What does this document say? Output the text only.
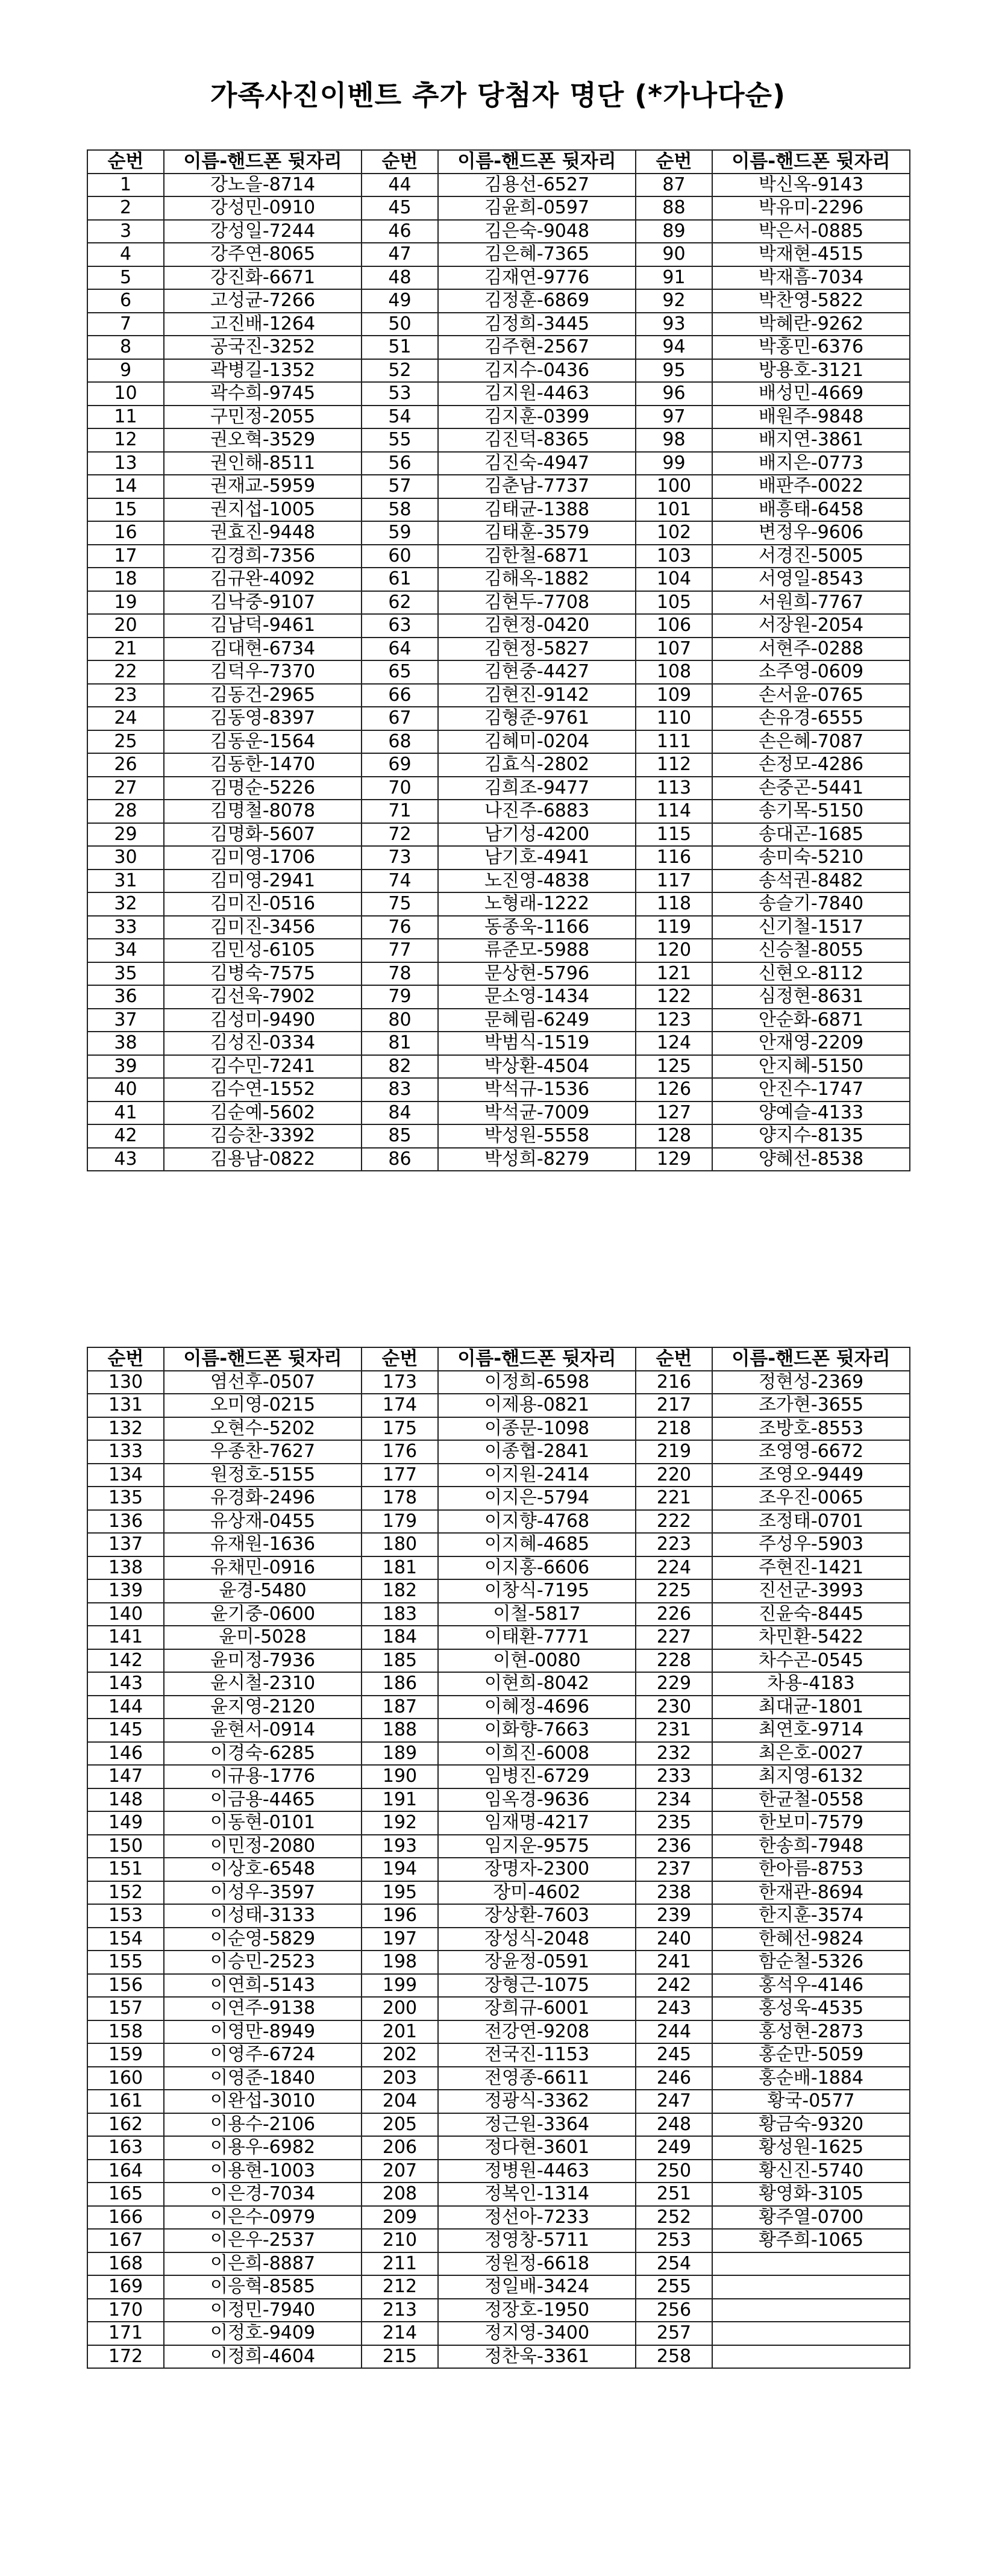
가족사진이벤트 추가 당첨자 명단 (*가나다순)
순번	이름-핸드폰 뒷자리	순번	이름-핸드폰 뒷자리	순번	이름-핸드폰 뒷자리
1	강노을-8714	44	김용선-6527	87	박신옥-9143
2	강성민-0910	45	김윤희-0597	88	박유미-2296
3	강성일-7244	46	김은숙-9048	89	박은서-0885
4	강주연-8065	47	김은혜-7365	90	박재현-4515
5	강진화-6671	48	김재연-9776	91	박재흠-7034
6	고성균-7266	49	김정훈-6869	92	박찬영-5822
7	고진배-1264	50	김정희-3445	93	박혜란-9262
8	공국진-3252	51	김주현-2567	94	박홍민-6376
9	곽병길-1352	52	김지수-0436	95	방용호-3121
10	곽수희-9745	53	김지원-4463	96	배성민-4669
11	구민정-2055	54	김지훈-0399	97	배원주-9848
12	권오혁-3529	55	김진덕-8365	98	배지연-3861
13	권인해-8511	56	김진숙-4947	99	배지은-0773
14	권재교-5959	57	김춘남-7737	100	배판주-0022
15	권지섭-1005	58	김태균-1388	101	배흥태-6458
16	권효진-9448	59	김태훈-3579	102	변정우-9606
17	김경희-7356	60	김한철-6871	103	서경진-5005
18	김규완-4092	61	김해옥-1882	104	서영일-8543
19	김낙중-9107	62	김현두-7708	105	서원희-7767
20	김남덕-9461	63	김현정-0420	106	서장원-2054
21	김대현-6734	64	김현정-5827	107	서현주-0288
22	김덕우-7370	65	김현중-4427	108	소주영-0609
23	김동건-2965	66	김현진-9142	109	손서윤-0765
24	김동영-8397	67	김형준-9761	110	손유경-6555
25	김동운-1564	68	김혜미-0204	111	손은혜-7087
26	김동한-1470	69	김효식-2802	112	손정모-4286
27	김명순-5226	70	김희조-9477	113	손중곤-5441
28	김명철-8078	71	나진주-6883	114	송기목-5150
29	김명화-5607	72	남기성-4200	115	송대곤-1685
30	김미영-1706	73	남기호-4941	116	송미숙-5210
31	김미영-2941	74	노진영-4838	117	송석권-8482
32	김미진-0516	75	노형래-1222	118	송슬기-7840
33	김미진-3456	76	동종욱-1166	119	신기철-1517
34	김민성-6105	77	류준모-5988	120	신승철-8055
35	김병숙-7575	78	문상현-5796	121	신현오-8112
36	김선욱-7902	79	문소영-1434	122	심정현-8631
37	김성미-9490	80	문혜림-6249	123	안순화-6871
38	김성진-0334	81	박범식-1519	124	안재영-2209
39	김수민-7241	82	박상환-4504	125	안지혜-5150
40	김수연-1552	83	박석규-1536	126	안진수-1747
41	김순예-5602	84	박석균-7009	127	양예슬-4133
42	김승찬-3392	85	박성원-5558	128	양지수-8135
43	김용남-0822	86	박성희-8279	129	양혜선-8538
순번	이름-핸드폰 뒷자리	순번	이름-핸드폰 뒷자리	순번	이름-핸드폰 뒷자리
130	염선후-0507	173	이정희-6598	216	정현성-2369
131	오미영-0215	174	이제용-0821	217	조가현-3655
132	오현수-5202	175	이종문-1098	218	조방호-8553
133	우종찬-7627	176	이종협-2841	219	조영영-6672
134	원정호-5155	177	이지원-2414	220	조영오-9449
135	유경화-2496	178	이지은-5794	221	조우진-0065
136	유상재-0455	179	이지향-4768	222	조정태-0701
137	유재원-1636	180	이지혜-4685	223	주성우-5903
138	유채민-0916	181	이지홍-6606	224	주현진-1421
139	윤경-5480	182	이창식-7195	225	진선군-3993
140	윤기중-0600	183	이철-5817	226	진윤숙-8445
141	윤미-5028	184	이태환-7771	227	차민환-5422
142	윤미정-7936	185	이현-0080	228	차수곤-0545
143	윤시철-2310	186	이현희-8042	229	차용-4183
144	윤지영-2120	187	이혜정-4696	230	최대균-1801
145	윤현서-0914	188	이화향-7663	231	최연호-9714
146	이경숙-6285	189	이희진-6008	232	최은호-0027
147	이규용-1776	190	임병진-6729	233	최지영-6132
148	이금용-4465	191	임옥경-9636	234	한균철-0558
149	이동현-0101	192	임재명-4217	235	한보미-7579
150	이민정-2080	193	임지운-9575	236	한송희-7948
151	이상호-6548	194	장명자-2300	237	한아름-8753
152	이성우-3597	195	장미-4602	238	한재관-8694
153	이성태-3133	196	장상환-7603	239	한지훈-3574
154	이순영-5829	197	장성식-2048	240	한혜선-9824
155	이승민-2523	198	장윤정-0591	241	함순철-5326
156	이연희-5143	199	장형근-1075	242	홍석우-4146
157	이연주-9138	200	장희규-6001	243	홍성욱-4535
158	이영만-8949	201	전강연-9208	244	홍성현-2873
159	이영주-6724	202	전국진-1153	245	홍순만-5059
160	이영준-1840	203	전영종-6611	246	홍순배-1884
161	이완섭-3010	204	정광식-3362	247	황국-0577
162	이용수-2106	205	정근원-3364	248	황금숙-9320
163	이용우-6982	206	정다현-3601	249	황성원-1625
164	이용현-1003	207	정병원-4463	250	황신진-5740
165	이은경-7034	208	정복인-1314	251	황영화-3105
166	이은수-0979	209	정선아-7233	252	황주열-0700
167	이은우-2537	210	정영창-5711	253	황주희-1065
168	이은희-8887	211	정원정-6618	254	
169	이응혁-8585	212	정일배-3424	255	
170	이정민-7940	213	정장호-1950	256	
171	이정호-9409	214	정지영-3400	257	
172	이정희-4604	215	정찬욱-3361	258	
